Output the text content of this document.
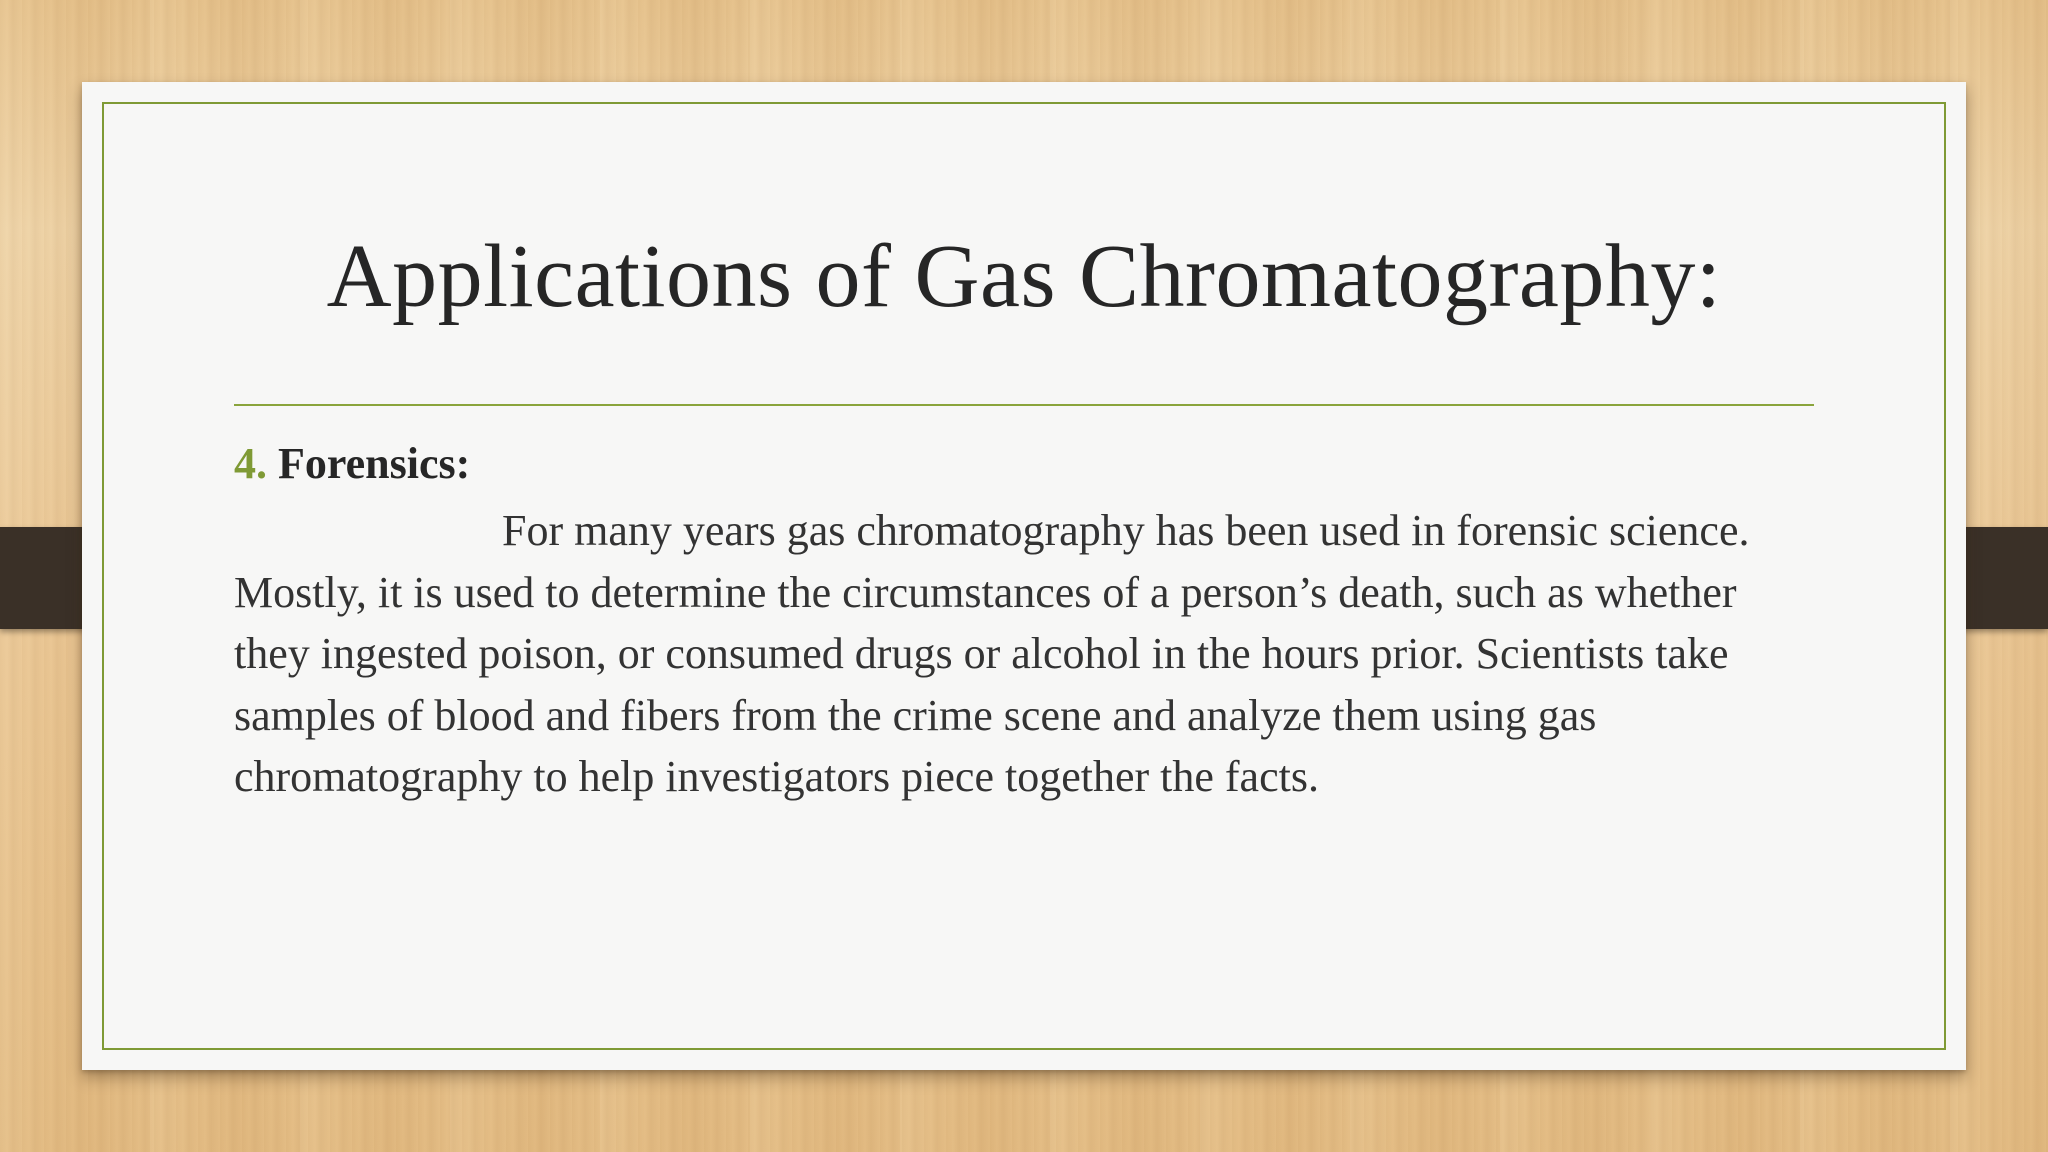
Applications of Gas Chromatography:

4. Forensics:

For many years gas chromatography has been used in forensic science. Mostly, it is used to determine the circumstances of a person’s death, such as whether they ingested poison, or consumed drugs or alcohol in the hours prior. Scientists take samples of blood and fibers from the crime scene and analyze them using gas chromatography to help investigators piece together the facts.
